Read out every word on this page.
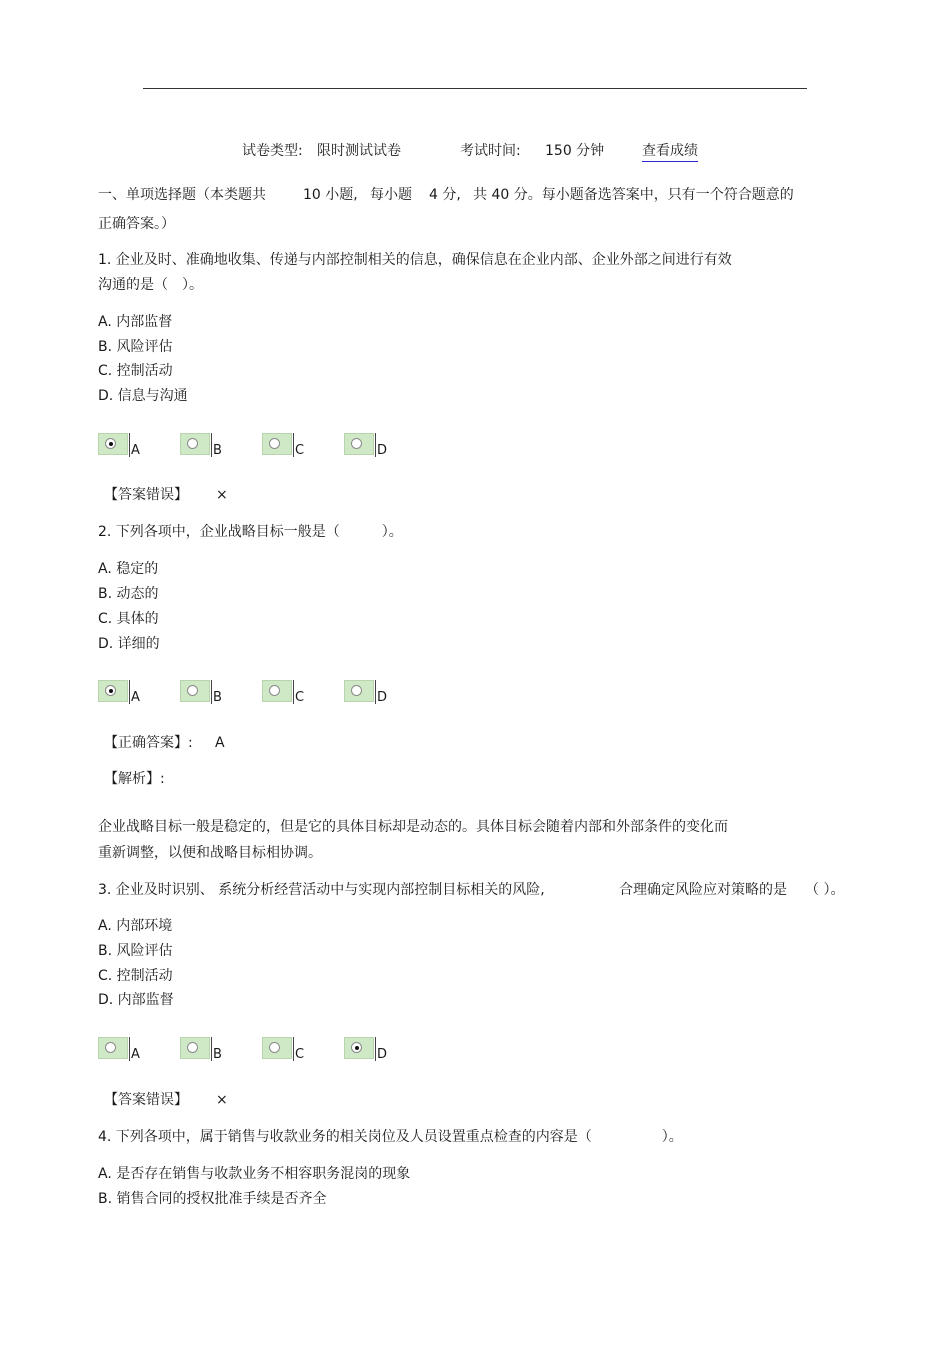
试卷类型: 限时测试试卷	考试时间: 150 分钟	查看成绩
一、单项选择题（本类题共	10 小题, 每小题 4 分, 共 40 分。每小题备选答案中，只有一个符合题意的
正确答案。）
1. 企业及时、准确地收集、传递与内部控制相关的信息，确保信息在企业内部、企业外部之间进行有效
沟通的是（　）。
A. 内部监督
B. 风险评估
C. 控制活动
D. 信息与沟通
A	B	C	D
【答案错误】 ×
2. 下列各项中，企业战略目标一般是（　　　）。
A. 稳定的
B. 动态的
C. 具体的
D. 详细的
A	B	C	D
【正确答案】: A
【解析】:
企业战略目标一般是稳定的，但是它的具体目标却是动态的。具体目标会随着内部和外部条件的变化而
重新调整，以便和战略目标相协调。
3. 企业及时识别、 系统分析经营活动中与实现内部控制目标相关的风险,	合理确定风险应对策略的是 （ ）。
A. 内部环境
B. 风险评估
C. 控制活动
D. 内部监督
A	B	C	D
【答案错误】 ×
4. 下列各项中，属于销售与收款业务的相关岗位及人员设置重点检查的内容是（　　　　　）。
A. 是否存在销售与收款业务不相容职务混岗的现象
B. 销售合同的授权批准手续是否齐全
